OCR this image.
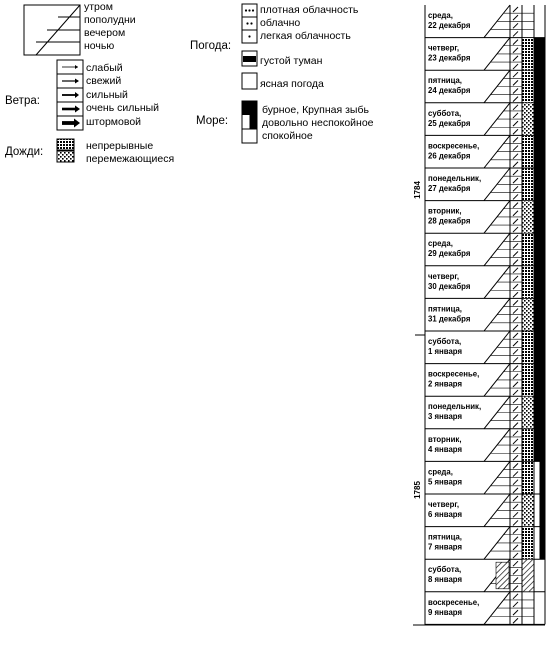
утром
пополудни
вечером
ночью
Ветра:
слабый
свежий
сильный
очень сильный
штормовой
Дожди:	непрерывные
перемежающиеся
Погода:
плотная облачность
облачно
легкая облачность
густой туман
ясная погода
Море:
бурное, Крупная зыбь
довольно неспокойное
спокойное
среда,
22 декабря
четверг,
23 декабря
пятница,
24 декабря
суббота,
25 декабря
воскресенье,
26 декабря
понедельник,
27 декабря
вторник,
28 декабря
среда,
29 декабря
четверг,
30 декабря
пятница,
31 декабря
суббота,
1 января
воскресенье,
2 января
понедельник,
3 января
вторник,
4 января
среда,
5 января
четверг,
6 января
пятница,
7 января
суббота,
8 января
воскресенье,
9 января
1784
1785
